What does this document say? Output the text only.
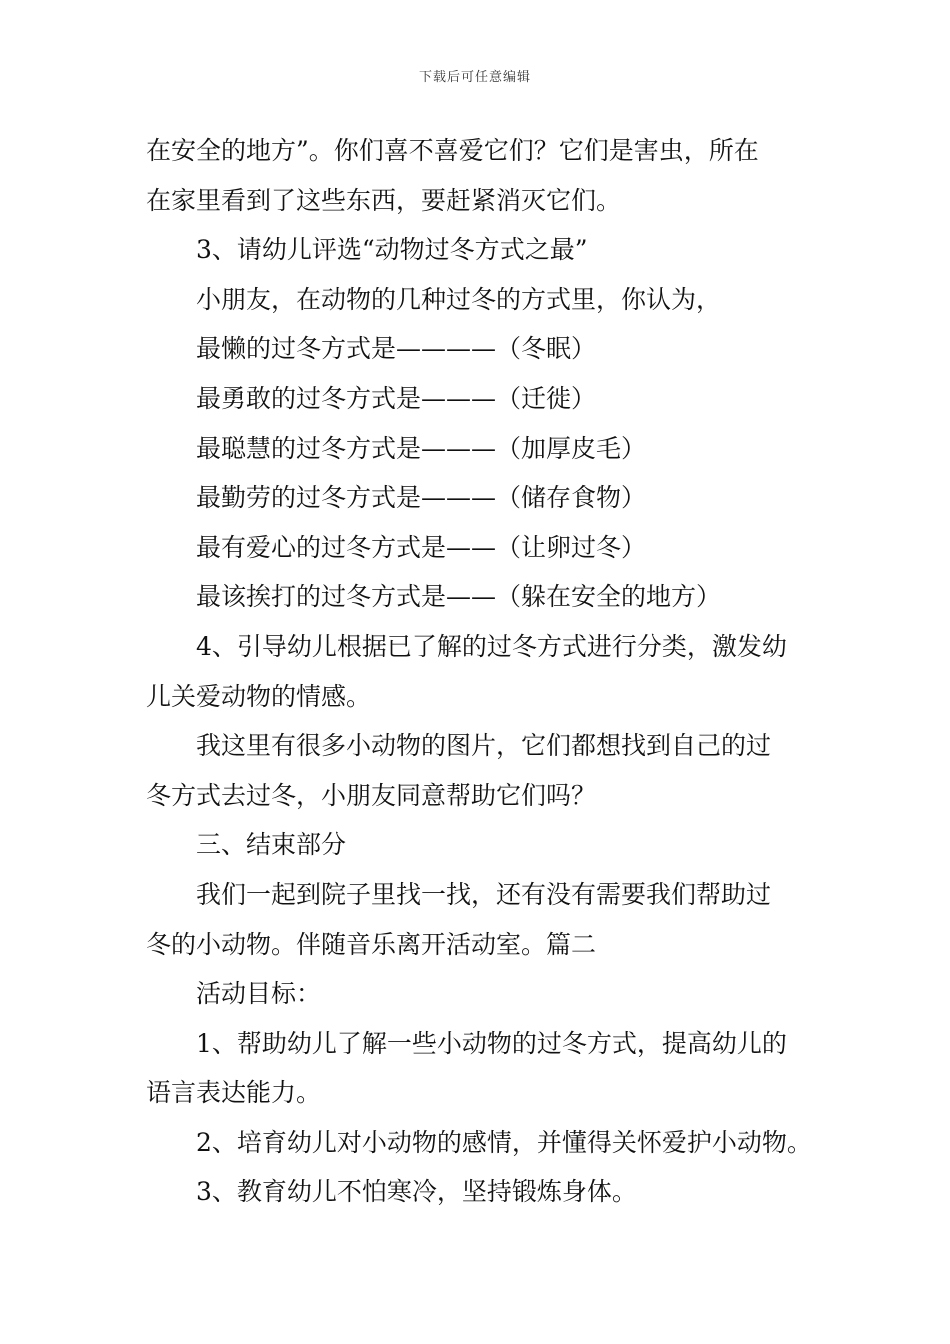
下载后可任意编辑
在安全的地方”。你们喜不喜爱它们？它们是害虫，所在
在家里看到了这些东西，要赶紧消灭它们。
3、请幼儿评选“动物过冬方式之最”
小朋友，在动物的几种过冬的方式里，你认为，
最懒的过冬方式是————（冬眠）
最勇敢的过冬方式是———（迁徙）
最聪慧的过冬方式是———（加厚皮毛）
最勤劳的过冬方式是———（储存食物）
最有爱心的过冬方式是——（让卵过冬）
最该挨打的过冬方式是——（躲在安全的地方）
4、引导幼儿根据已了解的过冬方式进行分类，激发幼
儿关爱动物的情感。
我这里有很多小动物的图片，它们都想找到自己的过
冬方式去过冬，小朋友同意帮助它们吗？
三、结束部分
我们一起到院子里找一找，还有没有需要我们帮助过
冬的小动物。伴随音乐离开活动室。篇二
活动目标：
1、帮助幼儿了解一些小动物的过冬方式，提高幼儿的
语言表达能力。
2、培育幼儿对小动物的感情，并懂得关怀爱护小动物。
3、教育幼儿不怕寒冷，坚持锻炼身体。
